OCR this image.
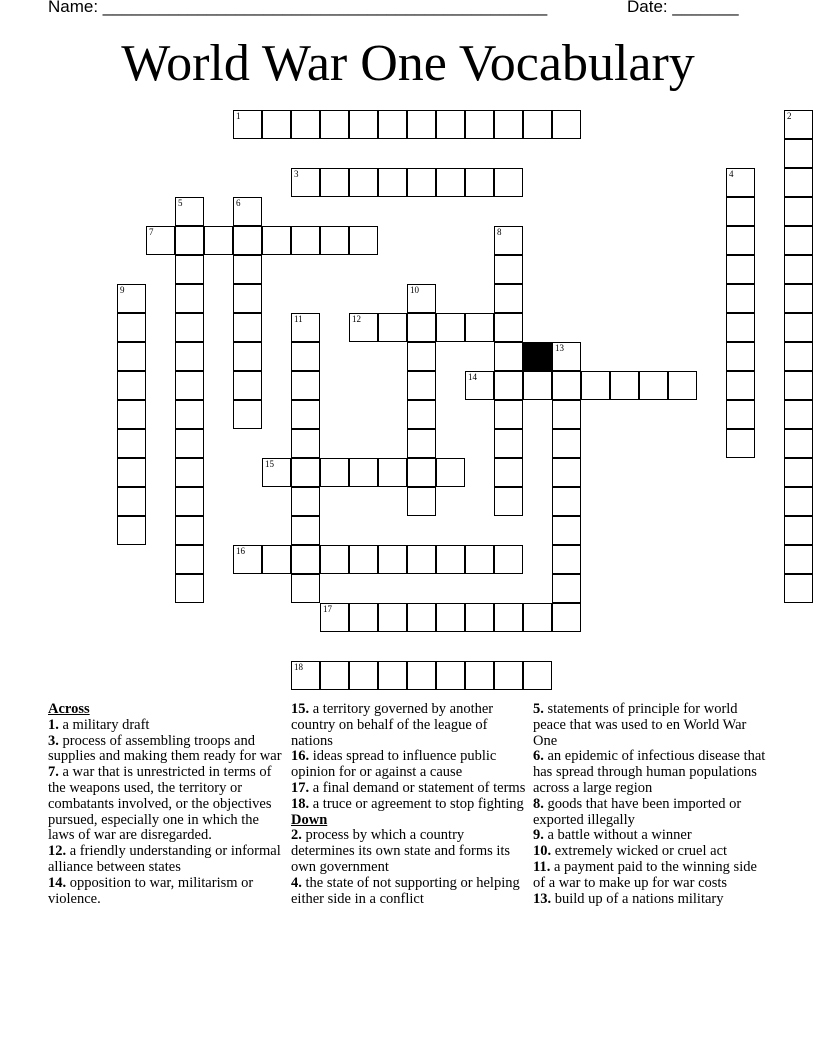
Name: _______________________________________________	Date: _______
World War One Vocabulary
1	2
3	4
5	6
7	8
9	10
11	12
13
14
15
16
17
18
Across

1. a military draft

3. process of assembling troops and supplies and making them ready for war

7. a war that is unrestricted in terms of the weapons used, the territory or combatants involved, or the objectives pursued, especially one in which the laws of war are disregarded.

12. a friendly understanding or informal alliance between states

14. opposition to war, militarism or violence.

15. a territory governed by another country on behalf of the league of nations

16. ideas spread to influence public opinion for or against a cause

17. a final demand or statement of terms

18. a truce or agreement to stop fighting

Down

2. process by which a country determines its own state and forms its own government

4. the state of not supporting or helping either side in a conflict

5. statements of principle for world peace that was used to en World War One

6. an epidemic of infectious disease that has spread through human populations across a large region

8. goods that have been imported or exported illegally

9. a battle without a winner

10. extremely wicked or cruel act

11. a payment paid to the winning side of a war to make up for war costs

13. build up of a nations military
